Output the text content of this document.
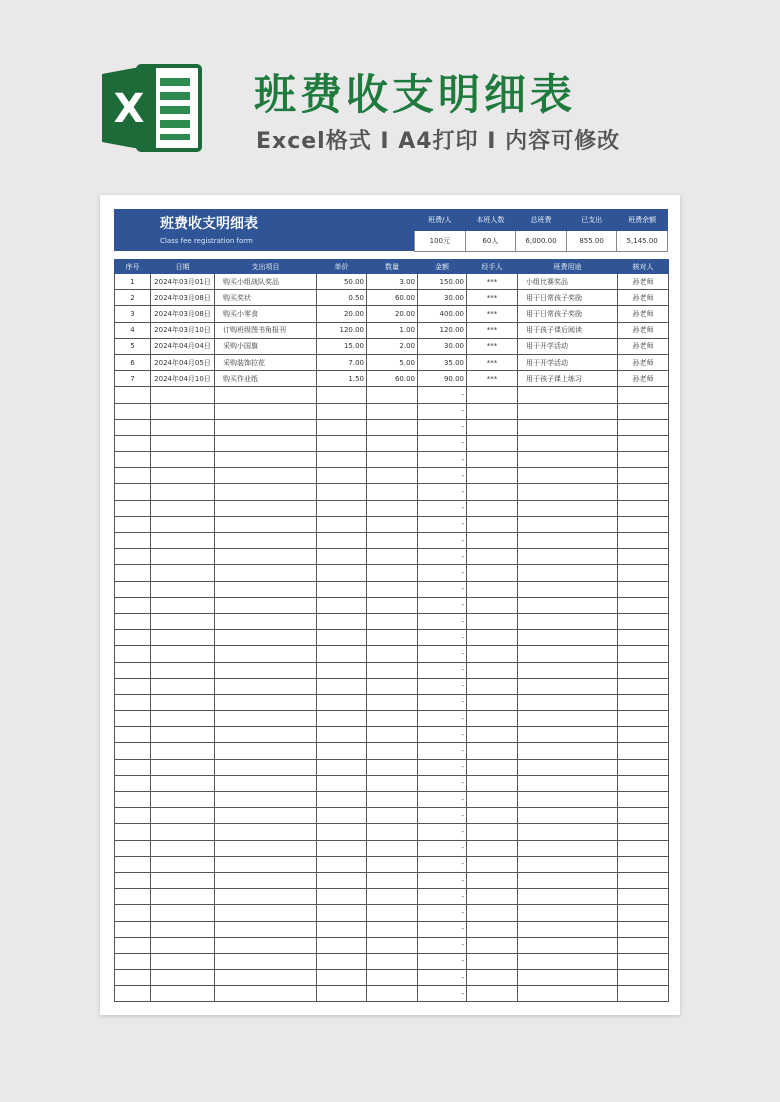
X	班费收支明细表
Excel格式 I A4打印 I 内容可修改
班费收支明细表
Class fee registration form
班费/人	本班人数	总班费	已支出	班费余额
100元	60人	6,000.00	855.00	5,145.00
序号	日期	支出项目	单价	数量	金额	经手人	班费用途	核对人
1	2024年03月01日	购买小组战队奖品	50.00	3.00	150.00	***	小组比赛奖品	孙老师
2	2024年03月08日	购买奖状	0.50	60.00	30.00	***	用于日常孩子奖励	孙老师
3	2024年03月08日	购买小零食	20.00	20.00	400.00	***	用于日常孩子奖励	孙老师
4	2024年03月10日	订购班级图书角报刊	120.00	1.00	120.00	***	用于孩子课后阅读	孙老师
5	2024年04月04日	采购小国旗	15.00	2.00	30.00	***	用于开学活动	孙老师
6	2024年04月05日	采购装饰拉花	7.00	5.00	35.00	***	用于开学活动	孙老师
7	2024年04月10日	购买作业纸	1.50	60.00	90.00	***	用于孩子课上练习	孙老师
					-			
					-			
					-			
					-			
					-			
					-			
					-			
					-			
					-			
					-			
					-			
					-			
					-			
					-			
					-			
					-			
					-			
					-			
					-			
					-			
					-			
					-			
					-			
					-			
					-			
					-			
					-			
					-			
					-			
					-			
					-			
					-			
					-			
					-			
					-			
					-			
					-			
					-			
